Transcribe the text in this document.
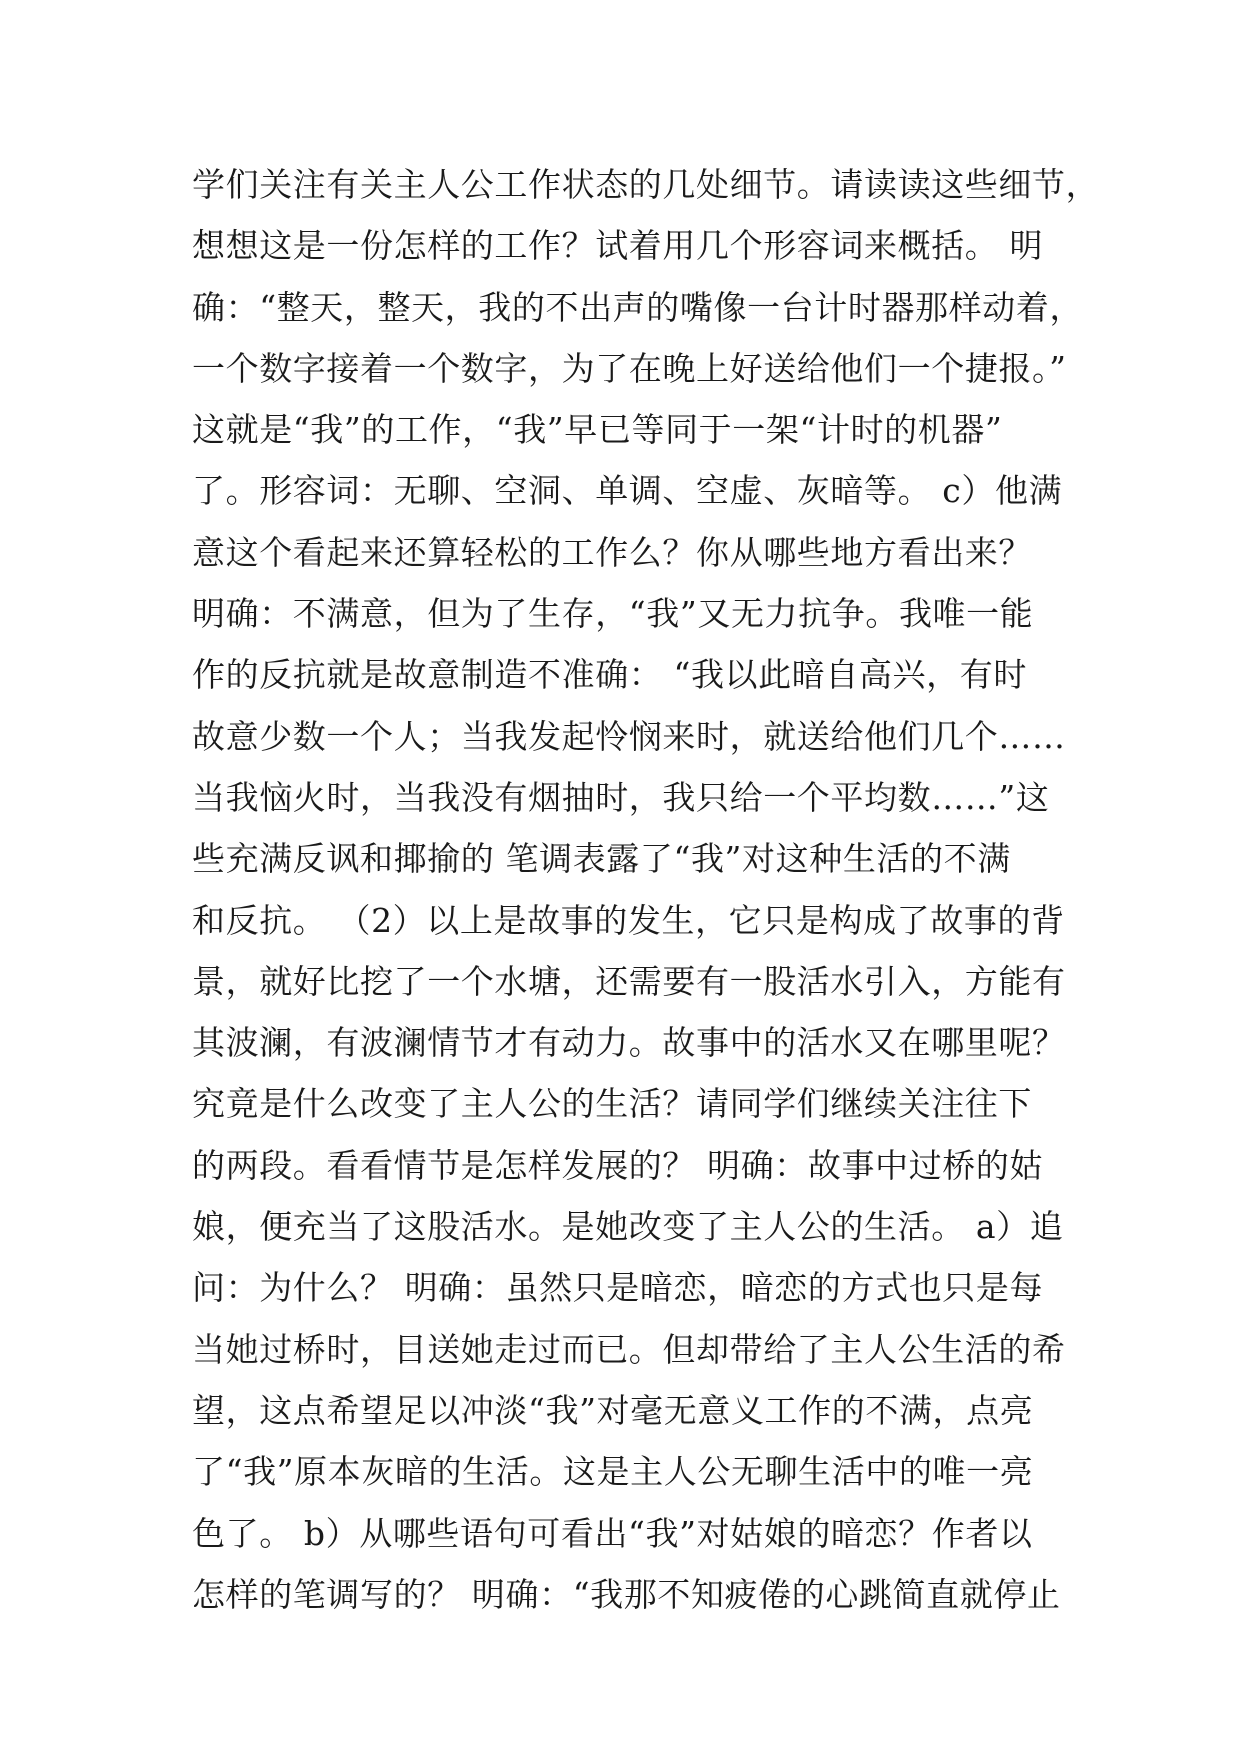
学们关注有关主人公工作状态的几处细节。请读读这些细节，
想想这是一份怎样的工作？试着用几个形容词来概括。 明
确：“整天，整天，我的不出声的嘴像一台计时器那样动着，
一个数字接着一个数字，为了在晚上好送给他们一个捷报。”
这就是“我”的工作，“我”早已等同于一架“计时的机器”
了。形容词：无聊、空洞、单调、空虚、灰暗等。 c）他满
意这个看起来还算轻松的工作么？你从哪些地方看出来？
明确：不满意，但为了生存，“我”又无力抗争。我唯一能
作的反抗就是故意制造不准确： “我以此暗自高兴，有时
故意少数一个人；当我发起怜悯来时，就送给他们几个……
当我恼火时，当我没有烟抽时，我只给一个平均数……”这
些充满反讽和揶揄的 笔调表露了“我”对这种生活的不满
和反抗。 （2）以上是故事的发生，它只是构成了故事的背
景，就好比挖了一个水塘，还需要有一股活水引入，方能有
其波澜，有波澜情节才有动力。故事中的活水又在哪里呢？
究竟是什么改变了主人公的生活？请同学们继续关注往下
的两段。看看情节是怎样发展的？ 明确：故事中过桥的姑
娘，便充当了这股活水。是她改变了主人公的生活。 a）追
问：为什么？ 明确：虽然只是暗恋，暗恋的方式也只是每
当她过桥时，目送她走过而已。但却带给了主人公生活的希
望，这点希望足以冲淡“我”对毫无意义工作的不满，点亮
了“我”原本灰暗的生活。这是主人公无聊生活中的唯一亮
色了。 b）从哪些语句可看出“我”对姑娘的暗恋？作者以
怎样的笔调写的？ 明确：“我那不知疲倦的心跳简直就停止
